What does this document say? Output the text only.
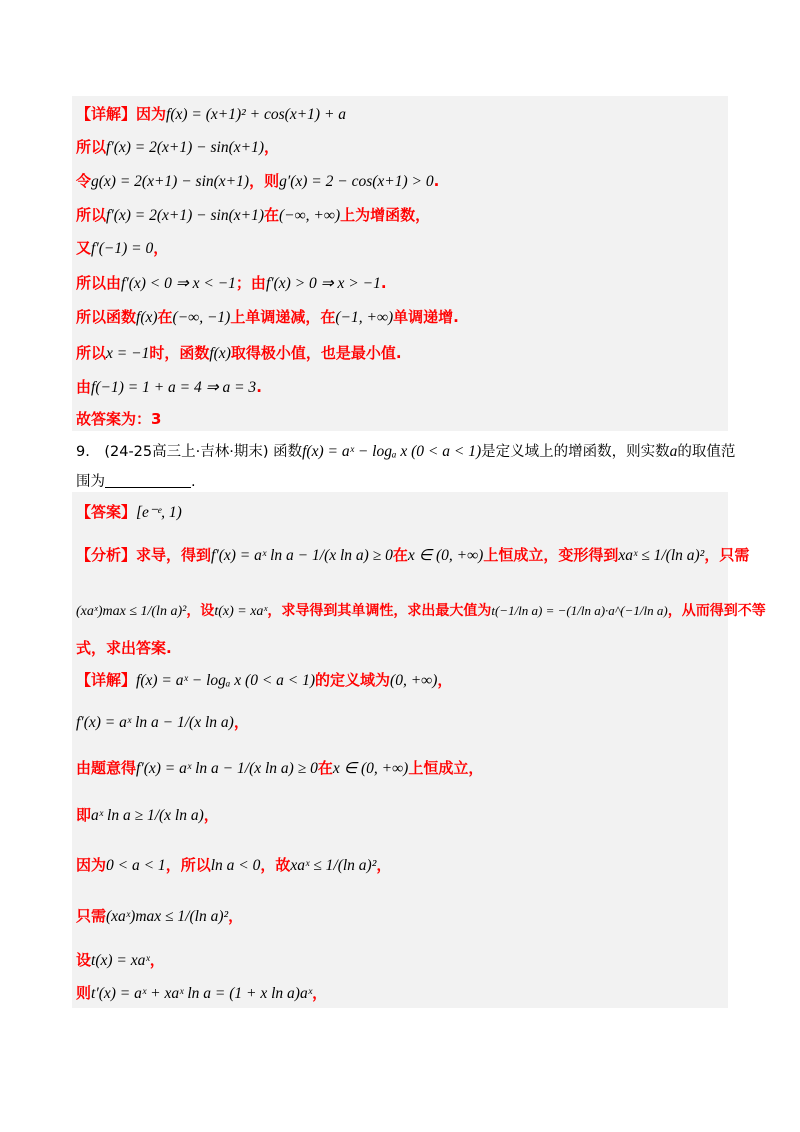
【详解】因为f(x) = (x+1)² + cos(x+1) + a
所以f′(x) = 2(x+1) − sin(x+1)，
令g(x) = 2(x+1) − sin(x+1)，则g′(x) = 2 − cos(x+1) > 0.
所以f′(x) = 2(x+1) − sin(x+1)在(−∞, +∞)上为增函数，
又f′(−1) = 0，
所以由f′(x) < 0 ⇒ x < −1；由f′(x) > 0 ⇒ x > −1.
所以函数f(x)在(−∞, −1)上单调递减，在(−1, +∞)单调递增.
所以x = −1时，函数f(x)取得极小值，也是最小值.
由f(−1) = 1 + a = 4 ⇒ a = 3.
故答案为：3
9.　(24-25高三上·吉林·期末) 函数f(x) = aˣ − logₐ x (0 < a < 1)是定义域上的增函数，则实数a的取值范
围为	.
【答案】[e⁻ᵉ, 1)
【分析】求导，得到f′(x) = aˣ ln a − 1/(x ln a) ≥ 0在x ∈ (0, +∞)上恒成立，变形得到xaˣ ≤ 1/(ln a)²，只需
(xaˣ)max ≤ 1/(ln a)²，设t(x) = xaˣ，求导得到其单调性，求出最大值为t(−1/ln a) = −(1/ln a)·a^(−1/ln a)，从而得到不等
式，求出答案.
【详解】f(x) = aˣ − logₐ x (0 < a < 1)的定义域为(0, +∞)，
f′(x) = aˣ ln a − 1/(x ln a)，
由题意得f′(x) = aˣ ln a − 1/(x ln a) ≥ 0在x ∈ (0, +∞)上恒成立，
即aˣ ln a ≥ 1/(x ln a)，
因为0 < a < 1，所以ln a < 0，故xaˣ ≤ 1/(ln a)²，
只需(xaˣ)max ≤ 1/(ln a)²，
设t(x) = xaˣ，
则t′(x) = aˣ + xaˣ ln a = (1 + x ln a)aˣ，
